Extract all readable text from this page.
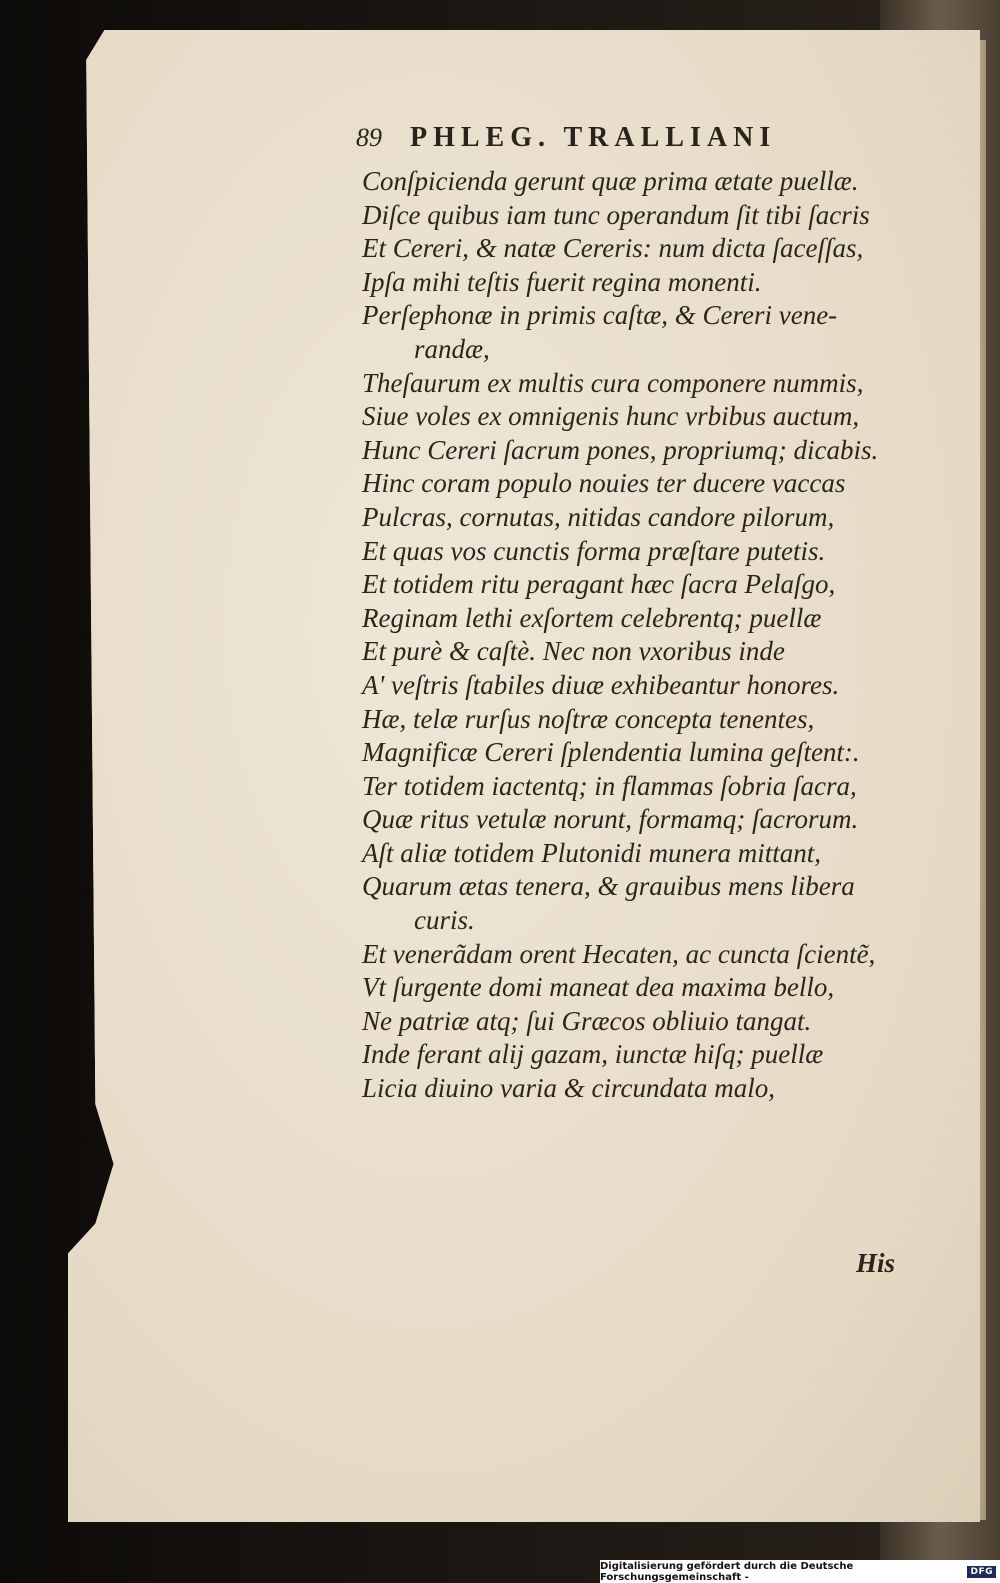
89 PHLEG. TRALLIANI
Conſpicienda gerunt quæ prima ætate puellæ.
Diſce quibus iam tunc operandum ſit tibi ſacris
Et Cereri, & natæ Cereris: num dicta ſaceſſas,
Ipſa mihi teſtis fuerit regina monenti.
Perſephonæ in primis caſtæ, & Cereri vene-
randæ,
Theſaurum ex multis cura componere nummis,
Siue voles ex omnigenis hunc vrbibus auctum,
Hunc Cereri ſacrum pones, propriumq; dicabis.
Hinc coram populo nouies ter ducere vaccas
Pulcras, cornutas, nitidas candore pilorum,
Et quas vos cunctis forma præſtare putetis.
Et totidem ritu peragant hæc ſacra Pelaſgo,
Reginam lethi exſortem celebrentq; puellæ
Et purè & caſtè. Nec non vxoribus inde
A' veſtris ſtabiles diuæ exhibeantur honores.
Hæ, telæ rurſus noſtræ concepta tenentes,
Magnificæ Cereri ſplendentia lumina geſtent:.
Ter totidem iactentq; in flammas ſobria ſacra,
Quæ ritus vetulæ norunt, formamq; ſacrorum.
Aſt aliæ totidem Plutonidi munera mittant,
Quarum ætas tenera, & grauibus mens libera
curis.
Et venerãdam orent Hecaten, ac cuncta ſcientẽ,
Vt ſurgente domi maneat dea maxima bello,
Ne patriæ atq; ſui Græcos obliuio tangat.
Inde ferant alij gazam, iunctæ hiſq; puellæ
Licia diuino varia & circundata malo,
His
Digitalisierung gefördert durch die Deutsche Forschungsgemeinschaft -	DFG
